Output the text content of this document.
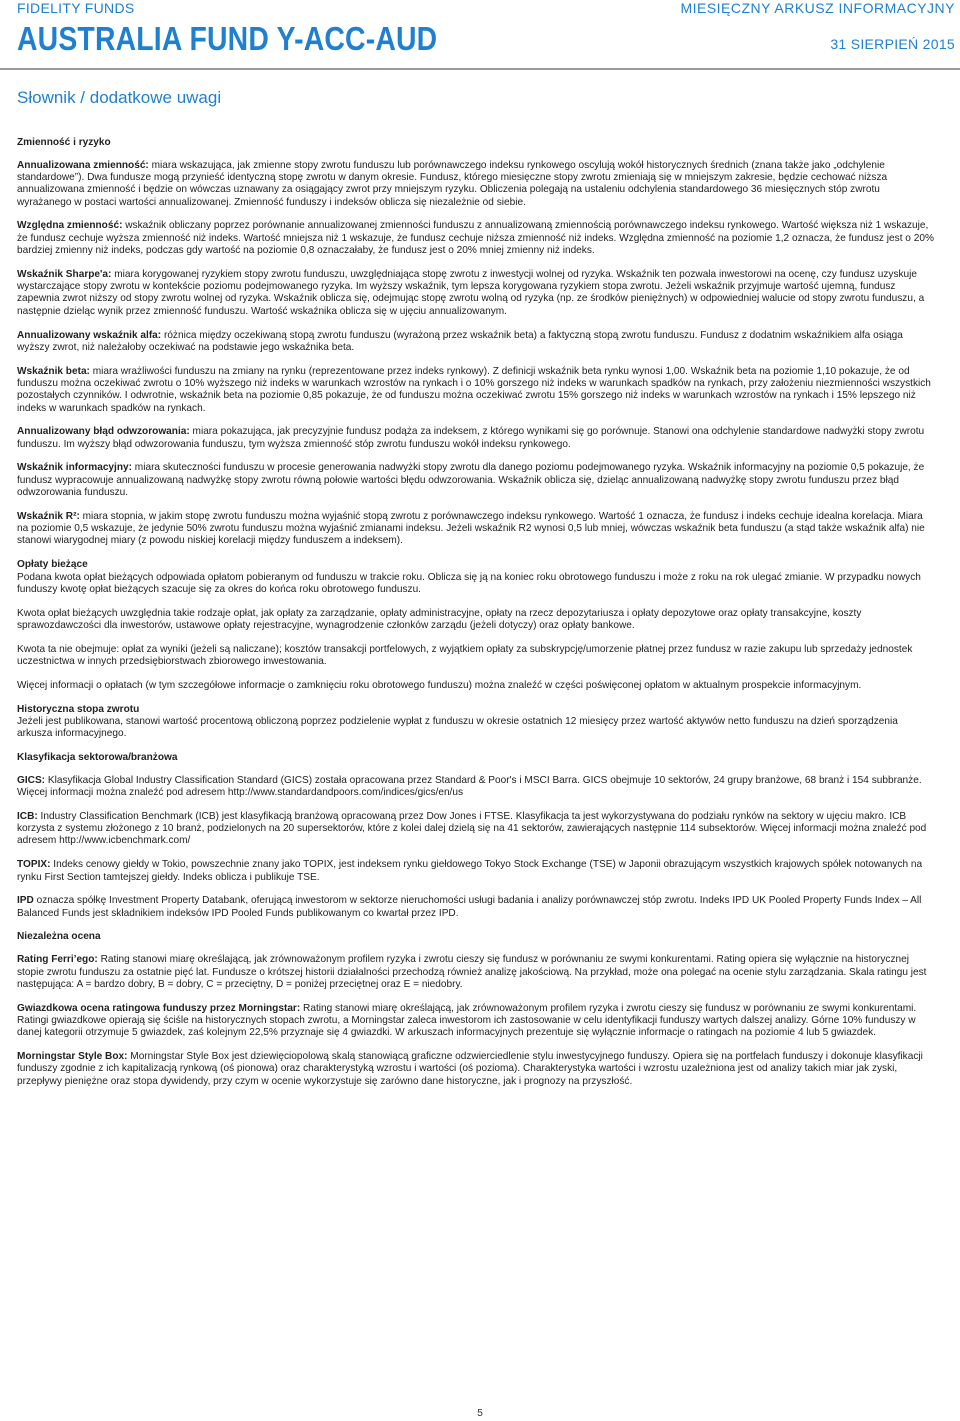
FIDELITY FUNDS
AUSTRALIA FUND Y-ACC-AUD
MIESIĘCZNY ARKUSZ INFORMACYJNY
31 SIERPIEŃ 2015
Słownik / dodatkowe uwagi

Zmienność i ryzyko

Annualizowana zmienność: miara wskazująca, jak zmienne stopy zwrotu funduszu lub porównawczego indeksu rynkowego oscylują wokół historycznych średnich (znana także jako „odchylenie standardowe”). Dwa fundusze mogą przynieść identyczną stopę zwrotu w danym okresie. Fundusz, którego miesięczne stopy zwrotu zmieniają się w mniejszym zakresie, będzie cechować niższa annualizowana zmienność i będzie on wówczas uznawany za osiągający zwrot przy mniejszym ryzyku. Obliczenia polegają na ustaleniu odchylenia standardowego 36 miesięcznych stóp zwrotu wyrażanego w postaci wartości annualizowanej. Zmienność funduszy i indeksów oblicza się niezależnie od siebie.

Względna zmienność: wskaźnik obliczany poprzez porównanie annualizowanej zmienności funduszu z annualizowaną zmiennością porównawczego indeksu rynkowego. Wartość większa niż 1 wskazuje, że fundusz cechuje wyższa zmienność niż indeks. Wartość mniejsza niż 1 wskazuje, że fundusz cechuje niższa zmienność niż indeks. Względna zmienność na poziomie 1,2 oznacza, że fundusz jest o 20% bardziej zmienny niż indeks, podczas gdy wartość na poziomie 0,8 oznaczałaby, że fundusz jest o 20% mniej zmienny niż indeks.

Wskaźnik Sharpe'a: miara korygowanej ryzykiem stopy zwrotu funduszu, uwzględniająca stopę zwrotu z inwestycji wolnej od ryzyka. Wskaźnik ten pozwala inwestorowi na ocenę, czy fundusz uzyskuje wystarczające stopy zwrotu w kontekście poziomu podejmowanego ryzyka. Im wyższy wskaźnik, tym lepsza korygowana ryzykiem stopa zwrotu. Jeżeli wskaźnik przyjmuje wartość ujemną, fundusz zapewnia zwrot niższy od stopy zwrotu wolnej od ryzyka. Wskaźnik oblicza się, odejmując stopę zwrotu wolną od ryzyka (np. ze środków pieniężnych) w odpowiedniej walucie od stopy zwrotu funduszu, a następnie dzieląc wynik przez zmienność funduszu. Wartość wskaźnika oblicza się w ujęciu annualizowanym.

Annualizowany wskaźnik alfa: różnica między oczekiwaną stopą zwrotu funduszu (wyrażoną przez wskaźnik beta) a faktyczną stopą zwrotu funduszu. Fundusz z dodatnim wskaźnikiem alfa osiąga wyższy zwrot, niż należałoby oczekiwać na podstawie jego wskaźnika beta.

Wskaźnik beta: miara wrażliwości funduszu na zmiany na rynku (reprezentowane przez indeks rynkowy). Z definicji wskaźnik beta rynku wynosi 1,00. Wskaźnik beta na poziomie 1,10 pokazuje, że od funduszu można oczekiwać zwrotu o 10% wyższego niż indeks w warunkach wzrostów na rynkach i o 10% gorszego niż indeks w warunkach spadków na rynkach, przy założeniu niezmienności wszystkich pozostałych czynników. I odwrotnie, wskaźnik beta na poziomie 0,85 pokazuje, że od funduszu można oczekiwać zwrotu 15% gorszego niż indeks w warunkach wzrostów na rynkach i 15% lepszego niż indeks w warunkach spadków na rynkach.

Annualizowany błąd odwzorowania: miara pokazująca, jak precyzyjnie fundusz podąża za indeksem, z którego wynikami się go porównuje. Stanowi ona odchylenie standardowe nadwyżki stopy zwrotu funduszu. Im wyższy błąd odwzorowania funduszu, tym wyższa zmienność stóp zwrotu funduszu wokół indeksu rynkowego.

Wskaźnik informacyjny: miara skuteczności funduszu w procesie generowania nadwyżki stopy zwrotu dla danego poziomu podejmowanego ryzyka. Wskaźnik informacyjny na poziomie 0,5 pokazuje, że fundusz wypracowuje annualizowaną nadwyżkę stopy zwrotu równą połowie wartości błędu odwzorowania. Wskaźnik oblicza się, dzieląc annualizowaną nadwyżkę stopy zwrotu funduszu przez błąd odwzorowania funduszu.

Wskaźnik R²: miara stopnia, w jakim stopę zwrotu funduszu można wyjaśnić stopą zwrotu z porównawczego indeksu rynkowego. Wartość 1 oznacza, że fundusz i indeks cechuje idealna korelacja. Miara na poziomie 0,5 wskazuje, że jedynie 50% zwrotu funduszu można wyjaśnić zmianami indeksu. Jeżeli wskaźnik R2 wynosi 0,5 lub mniej, wówczas wskaźnik beta funduszu (a stąd także wskaźnik alfa) nie stanowi wiarygodnej miary (z powodu niskiej korelacji między funduszem a indeksem).

Opłaty bieżące

Podana kwota opłat bieżących odpowiada opłatom pobieranym od funduszu w trakcie roku. Oblicza się ją na koniec roku obrotowego funduszu i może z roku na rok ulegać zmianie. W przypadku nowych funduszy kwotę opłat bieżących szacuje się za okres do końca roku obrotowego funduszu.

Kwota opłat bieżących uwzględnia takie rodzaje opłat, jak opłaty za zarządzanie, opłaty administracyjne, opłaty na rzecz depozytariusza i opłaty depozytowe oraz opłaty transakcyjne, koszty sprawozdawczości dla inwestorów, ustawowe opłaty rejestracyjne, wynagrodzenie członków zarządu (jeżeli dotyczy) oraz opłaty bankowe.

Kwota ta nie obejmuje: opłat za wyniki (jeżeli są naliczane); kosztów transakcji portfelowych, z wyjątkiem opłaty za subskrypcję/umorzenie płatnej przez fundusz w razie zakupu lub sprzedaży jednostek uczestnictwa w innych przedsiębiorstwach zbiorowego inwestowania.

Więcej informacji o opłatach (w tym szczegółowe informacje o zamknięciu roku obrotowego funduszu) można znaleźć w części poświęconej opłatom w aktualnym prospekcie informacyjnym.

Historyczna stopa zwrotu

Jeżeli jest publikowana, stanowi wartość procentową obliczoną poprzez podzielenie wypłat z funduszu w okresie ostatnich 12 miesięcy przez wartość aktywów netto funduszu na dzień sporządzenia arkusza informacyjnego.

Klasyfikacja sektorowa/branżowa

GICS: Klasyfikacja Global Industry Classification Standard (GICS) została opracowana przez Standard & Poor's i MSCI Barra. GICS obejmuje 10 sektorów, 24 grupy branżowe, 68 branż i 154 subbranże. Więcej informacji można znaleźć pod adresem http://www.standardandpoors.com/indices/gics/en/us

ICB: Industry Classification Benchmark (ICB) jest klasyfikacją branżową opracowaną przez Dow Jones i FTSE. Klasyfikacja ta jest wykorzystywana do podziału rynków na sektory w ujęciu makro. ICB korzysta z systemu złożonego z 10 branż, podzielonych na 20 supersektorów, które z kolei dalej dzielą się na 41 sektorów, zawierających następnie 114 subsektorów. Więcej informacji można znaleźć pod adresem http://www.icbenchmark.com/

TOPIX: Indeks cenowy giełdy w Tokio, powszechnie znany jako TOPIX, jest indeksem rynku giełdowego Tokyo Stock Exchange (TSE) w Japonii obrazującym wszystkich krajowych spółek notowanych na rynku First Section tamtejszej giełdy. Indeks oblicza i publikuje TSE.

IPD oznacza spółkę Investment Property Databank, oferującą inwestorom w sektorze nieruchomości usługi badania i analizy porównawczej stóp zwrotu. Indeks IPD UK Pooled Property Funds Index – All Balanced Funds jest składnikiem indeksów IPD Pooled Funds publikowanym co kwartał przez IPD.

Niezależna ocena

Rating Ferri’ego: Rating stanowi miarę określającą, jak zrównoważonym profilem ryzyka i zwrotu cieszy się fundusz w porównaniu ze swymi konkurentami. Rating opiera się wyłącznie na historycznej stopie zwrotu funduszu za ostatnie pięć lat. Fundusze o krótszej historii działalności przechodzą również analizę jakościową. Na przykład, może ona polegać na ocenie stylu zarządzania. Skala ratingu jest następująca: A = bardzo dobry, B = dobry, C = przeciętny, D = poniżej przeciętnej oraz E = niedobry.

Gwiazdkowa ocena ratingowa funduszy przez Morningstar: Rating stanowi miarę określającą, jak zrównoważonym profilem ryzyka i zwrotu cieszy się fundusz w porównaniu ze swymi konkurentami. Ratingi gwiazdkowe opierają się ściśle na historycznych stopach zwrotu, a Morningstar zaleca inwestorom ich zastosowanie w celu identyfikacji funduszy wartych dalszej analizy. Górne 10% funduszy w danej kategorii otrzymuje 5 gwiazdek, zaś kolejnym 22,5% przyznaje się 4 gwiazdki. W arkuszach informacyjnych prezentuje się wyłącznie informacje o ratingach na poziomie 4 lub 5 gwiazdek.

Morningstar Style Box: Morningstar Style Box jest dziewięciopolową skalą stanowiącą graficzne odzwierciedlenie stylu inwestycyjnego funduszy. Opiera się na portfelach funduszy i dokonuje klasyfikacji funduszy zgodnie z ich kapitalizacją rynkową (oś pionowa) oraz charakterystyką wzrostu i wartości (oś pozioma). Charakterystyka wartości i wzrostu uzależniona jest od analizy takich miar jak zyski, przepływy pieniężne oraz stopa dywidendy, przy czym w ocenie wykorzystuje się zarówno dane historyczne, jak i prognozy na przyszłość.

5
